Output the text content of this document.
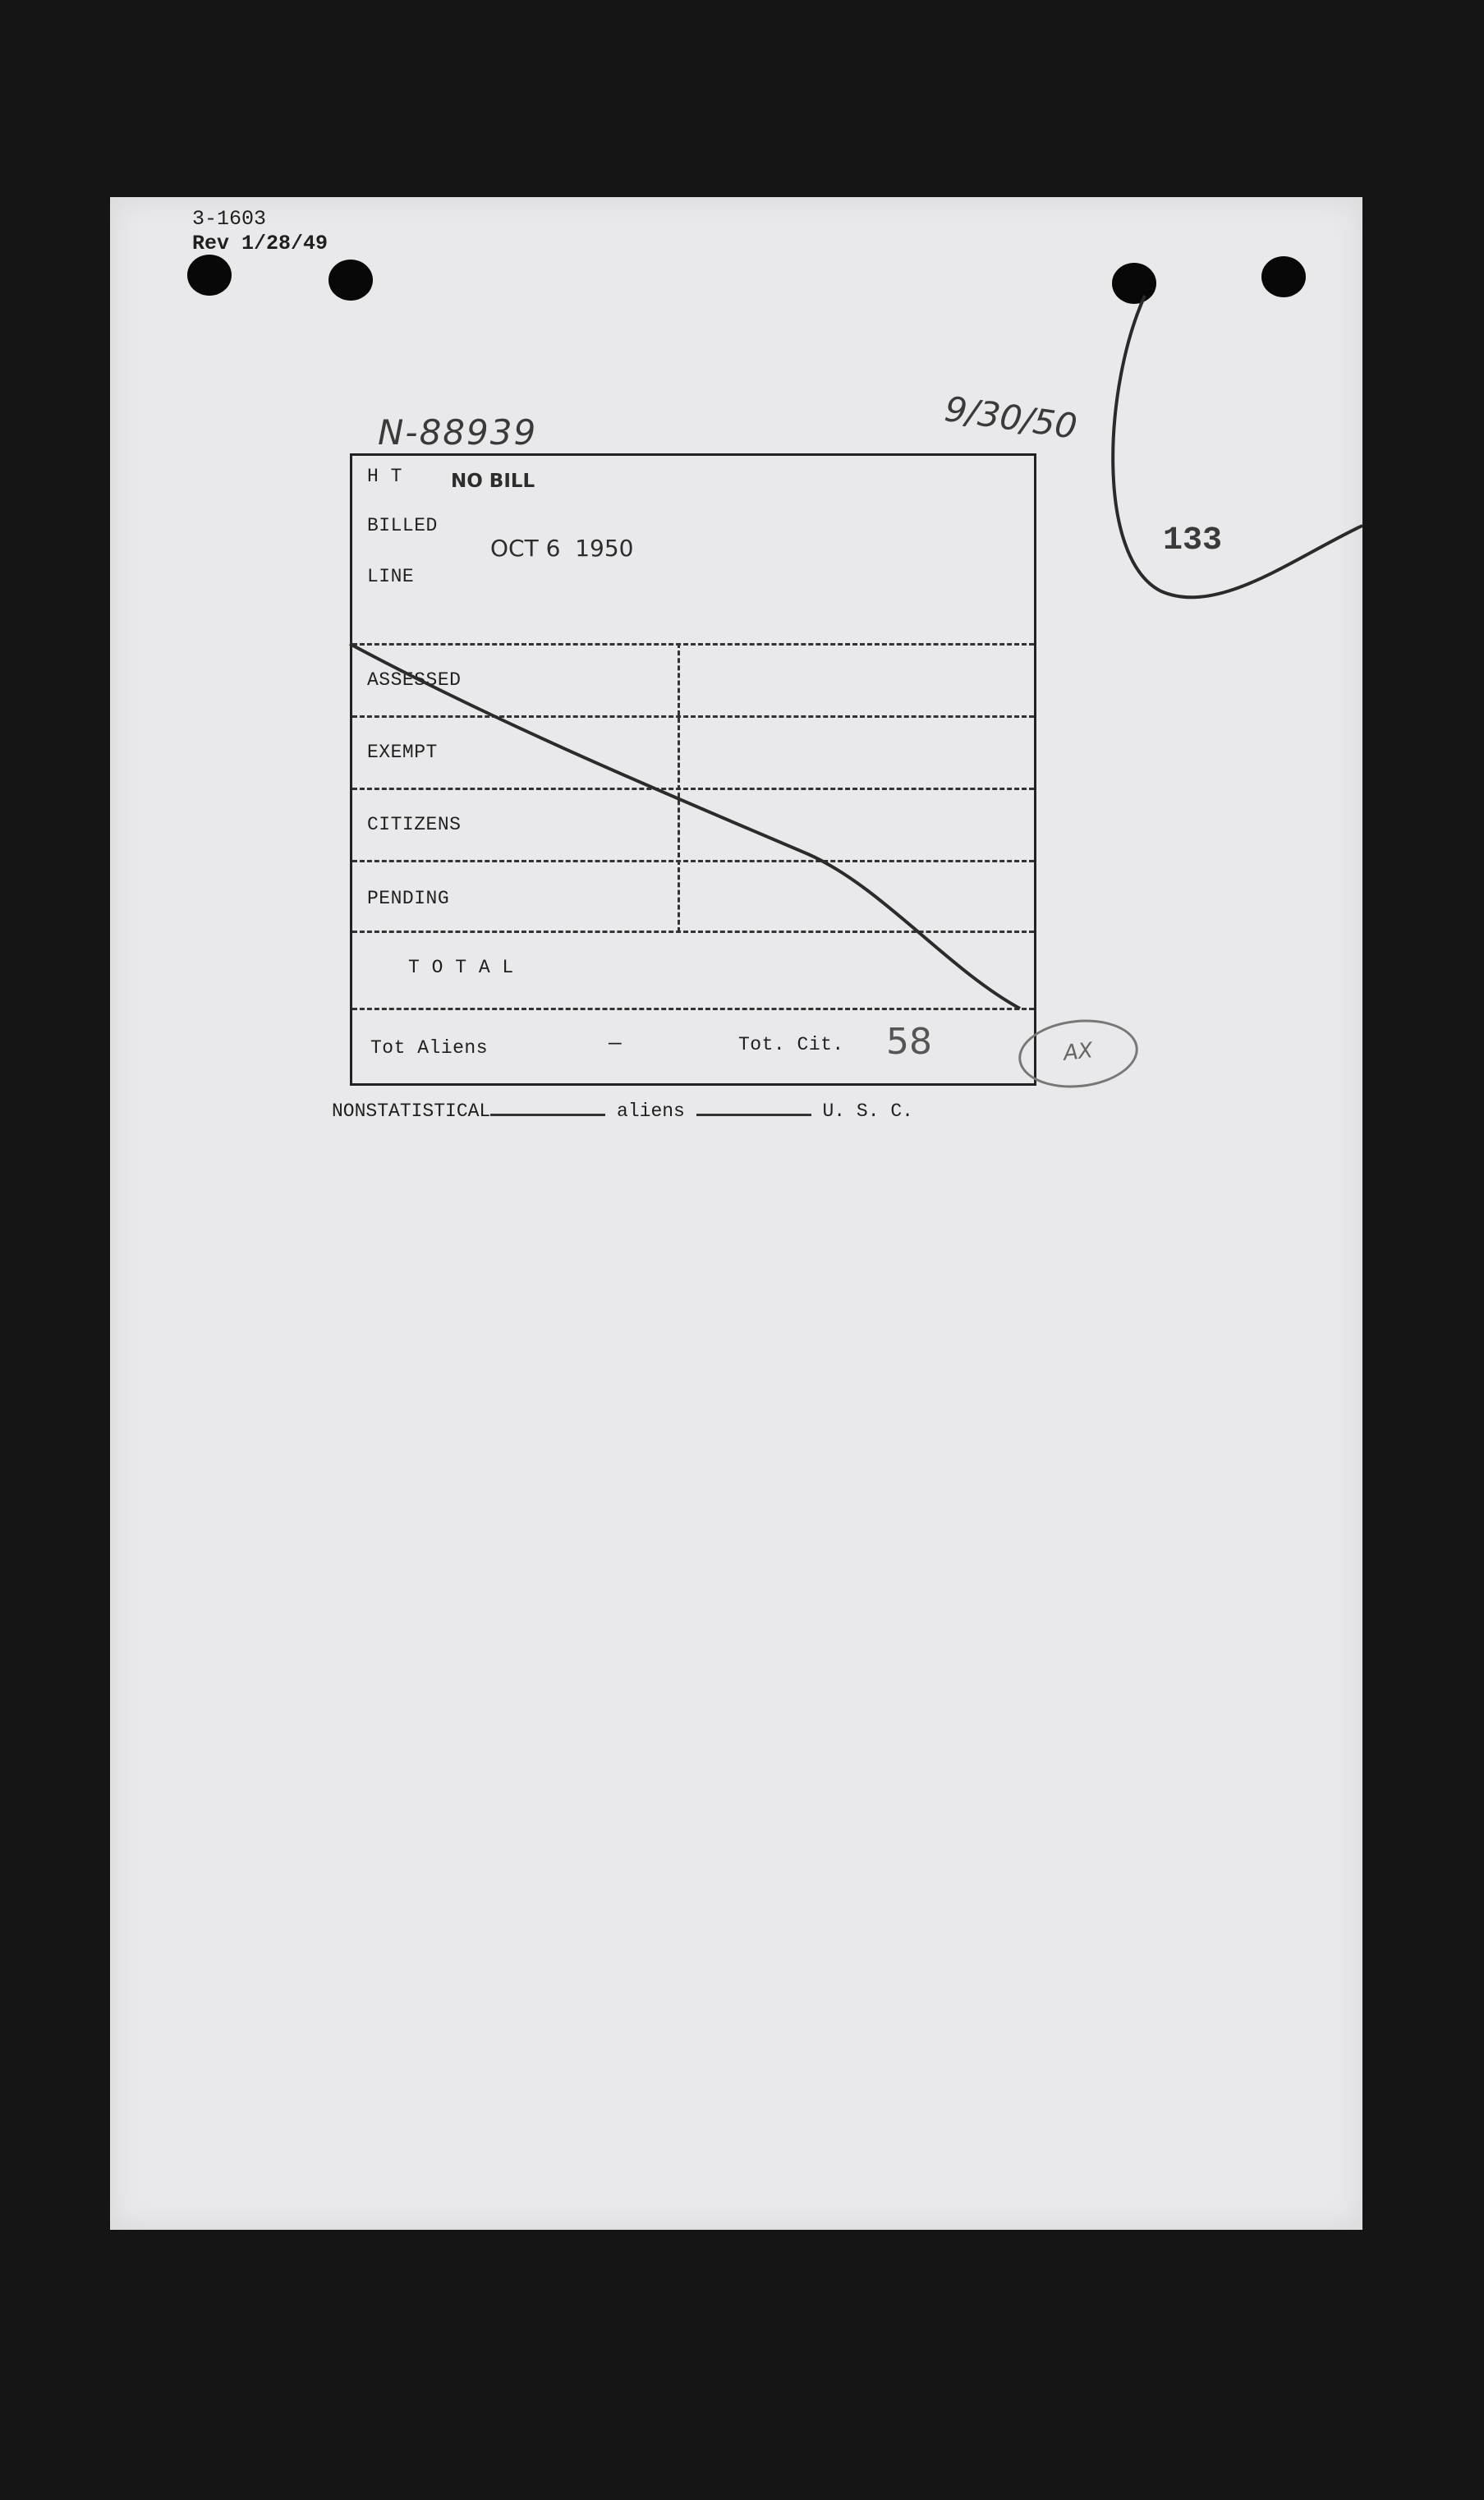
3-1603
Rev 1/28/49
N-88939	9/30/50
133
H T	NO BILL
BILLED
OCT 6  1950
LINE
ASSESSED
EXEMPT
CITIZENS
PENDING
T O T A L
Tot Aliens	—	Tot. Cit. 58	AX
NONSTATISTICAL	aliens	U. S. C.
